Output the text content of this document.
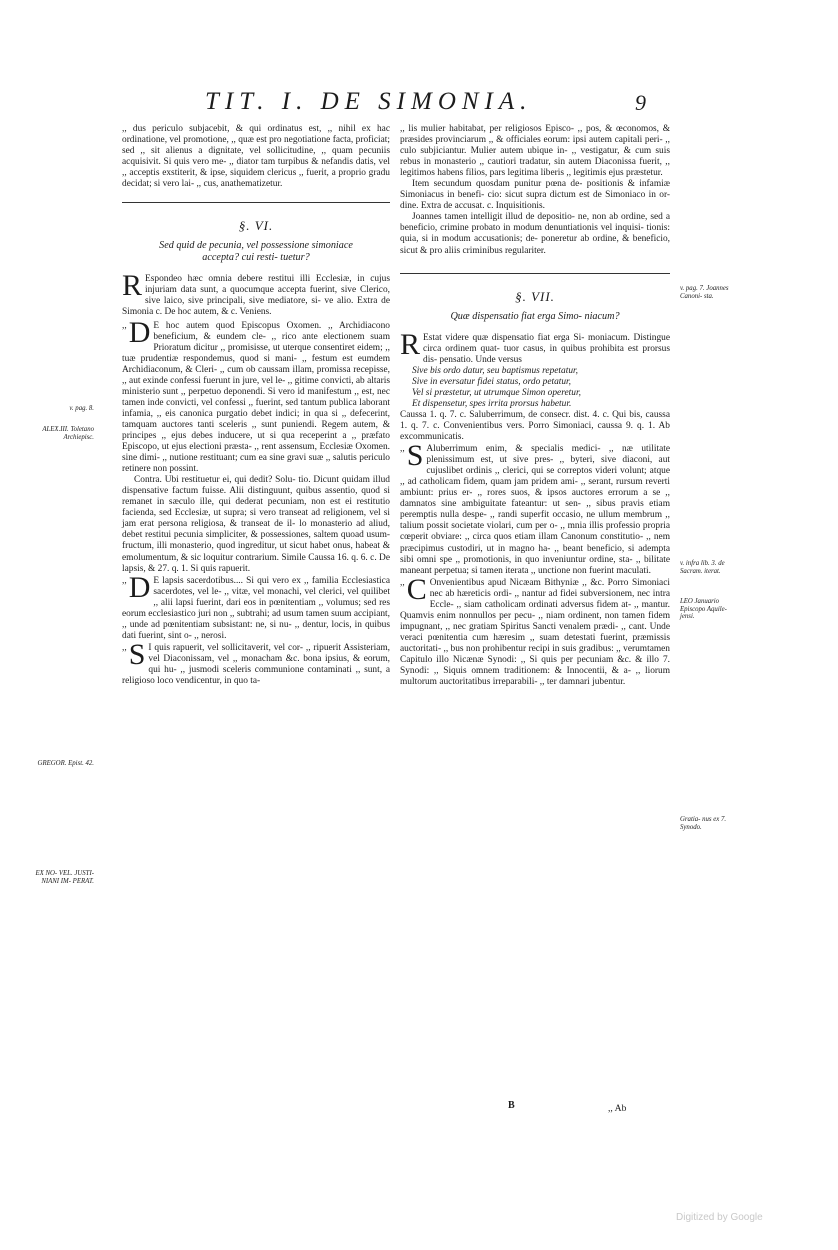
TIT. I. DE SIMONIA.	9

,, dus periculo subjacebit, & qui ordinatus est, ,, nihil ex hac ordinatione, vel promotione, ,, quæ est pro negotiatione facta, proficiat; sed ,, sit alienus a dignitate, vel sollicitudine, ,, quam pecuniis acquisivit. Si quis vero me- ,, diator tam turpibus & nefandis datis, vel ,, acceptis exstiterit, & ipse, siquidem clericus ,, fuerit, a proprio gradu decidat; si vero lai- ,, cus, anathematizetur.

§. VI.
Sed quid de pecunia, vel possessione simoniace accepta? cui resti- tuetur?

R Espondeo hæc omnia debere restitui illi Ecclesiæ, in cujus injuriam data sunt, a quocumque accepta fuerint, sive Clerico, sive laico, sive principali, sive mediatore, si- ve alio. Extra de Simonia c. De hoc autem, & c. Veniens.

,, D E hoc autem quod Episcopus Oxomen. ,, Archidiacono beneficium, & eundem cle- ,, rico ante electionem suam Prioratum dicitur ,, promisisse, ut uterque consentiret eidem; ,, tuæ prudentiæ respondemus, quod si mani- ,, festum est eumdem Archidiaconum, & Cleri- ,, cum ob caussam illam, promissa recepisse, ,, aut exinde confessi fuerunt in jure, vel le- ,, gitime convicti, ab altaris ministerio sunt ,, perpetuo deponendi. Si vero id manifestum ,, est, nec tamen inde convicti, vel confessi ,, fuerint, sed tantum publica laborant infamia, ,, eis canonica purgatio debet indici; in qua si ,, defecerint, tamquam auctores tanti sceleris ,, sunt puniendi. Regem autem, & principes ,, ejus debes inducere, ut si qua receperint a ,, præfato Episcopo, ut ejus electioni præsta- ,, rent assensum, Ecclesiæ Oxomen. sine dimi- ,, nutione restituant; cum ea sine gravi suæ ,, salutis periculo retinere non possint.

Contra. Ubi restituetur ei, qui dedit? Solu- tio. Dicunt quidam illud dispensative factum fuisse. Alii distinguunt, quibus assentio, quod si remanet in sæculo ille, qui dederat pecuniam, non est ei restitutio facienda, sed Ecclesiæ, ut supra; si vero transeat ad religionem, vel si jam erat persona religiosa, & transeat de il- lo monasterio ad aliud, debet restitui pecunia simpliciter, & possessiones, saltem quoad usum- fructum, illi monasterio, quod ingreditur, ut sicut habet onus, habeat & emolumentum, & sic loquitur contrarium. Simile Caussa 16. q. 6. c. De lapsis, & 27. q. 1. Si quis rapuerit.

,, D E lapsis sacerdotibus.... Si qui vero ex ,, familia Ecclesiastica sacerdotes, vel le- ,, vitæ, vel monachi, vel clerici, vel quilibet ,, alii lapsi fuerint, dari eos in pœnitentiam ,, volumus; sed res eorum ecclesiastico juri non ,, subtrahi; ad usum tamen suum accipiant, ,, unde ad pœnitentiam subsistant: ne, si nu- ,, dentur, locis, in quibus dati fuerint, sint o- ,, nerosi.

,, S I quis rapuerit, vel sollicitaverit, vel cor- ,, ripuerit Assisteriam, vel Diaconissam, vel ,, monacham &c. bona ipsius, & eorum, qui hu- ,, jusmodi sceleris communione contaminati ,, sunt, a religioso loco vendicentur, in quo ta-

,, lis mulier habitabat, per religiosos Episco- ,, pos, & œconomos, & præsides provinciarum ,, & officiales eorum: ipsi autem capitali peri- ,, culo subjiciantur. Mulier autem ubique in- ,, vestigatur, & cum suis rebus in monasterio ,, cautiori tradatur, sin autem Diaconissa fuerit, ,, legitimos habens filios, pars legitima liberis ,, legitimis ejus præstetur.

Item secundum quosdam punitur pœna de- positionis & infamiæ Simoniacus in benefi- cio: sicut supra dictum est de Simoniaco in or- dine. Extra de accusat. c. Inquisitionis.

Joannes tamen intelligit illud de depositio- ne, non ab ordine, sed a beneficio, crimine probato in modum denuntiationis vel inquisi- tionis: quia, si in modum accusationis; de- poneretur ab ordine, & beneficio, sicut & pro aliis criminibus regulariter.

§. VII.
Quæ dispensatio fiat erga Simo- niacum?

R Estat videre quæ dispensatio fiat erga Si- moniacum. Distingue circa ordinem quat- tuor casus, in quibus prohibita est prorsus dis- pensatio. Unde versus

Sive bis ordo datur, seu baptismus repetatur,
Sive in eversatur fidei status, ordo petatur,
Vel si præstetur, ut utrumque Simon operetur,
Et dispensetur, spes irrita prorsus habetur.

Caussa 1. q. 7. c. Saluberrimum, de consecr. dist. 4. c. Qui bis, caussa 1. q. 7. c. Convenientibus vers. Porro Simoniaci, caussa 9. q. 1. Ab excommunicatis.

,, S Aluberrimum enim, & specialis medici- ,, næ utilitate plenissimum est, ut sive pres- ,, byteri, sive diaconi, aut cujuslibet ordinis ,, clerici, qui se correptos videri volunt; atque ,, ad catholicam fidem, quam jam pridem ami- ,, serant, rursum reverti ambiunt: prius er- ,, rores suos, & ipsos auctores errorum a se ,, damnatos sine ambiguitate fateantur: ut sen- ,, sibus pravis etiam peremptis nulla despe- ,, randi superfit occasio, ne ullum membrum ,, talium possit societate violari, cum per o- ,, mnia illis professio propria cœperit obviare: ,, circa quos etiam illam Canonum constitutio- ,, nem præcipimus custodiri, ut in magno ha- ,, beant beneficio, si adempta sibi omni spe ,, promotionis, in quo inveniuntur ordine, sta- ,, bilitate maneant perpetua; si tamen iterata ,, unctione non fuerint maculati.

,, C Onvenientibus apud Nicæam Bithyniæ ,, &c. Porro Simoniaci nec ab hæreticis ordi- ,, nantur ad fidei subversionem, nec intra Eccle- ,, siam catholicam ordinati adversus fidem at- ,, mantur. Quamvis enim nonnullos per pecu- ,, niam ordinent, non tamen fidem impugnant, ,, nec gratiam Spiritus Sancti venalem prædi- ,, cant. Unde veraci pœnitentia cum hæresim ,, suam detestati fuerint, præmissis auctoritati- ,, bus non prohibentur recipi in suis gradibus: ,, verumtamen Capitulo illo Nicænæ Synodi: ,, Si quis per pecuniam &c. & illo 7. Synodi: ,, Siquis omnem traditionem: & Innocentii, & a- ,, liorum multorum auctoritatibus irreparabili- ,, ter damnari jubentur.

v. pag. 8.
ALEX.III. Toletano Archiepisc.
GREGOR. Epist. 42.
EX NO- VEL. JUSTI- NIANI IM- PERAT.
v. pag. 7. Joannes Canoni- sta.
v. infra lib. 3. de Sacram. iterat.
LEO Januario Episcopo Aquile- jensi.
Gratia- nus ex 7. Synodo.
B	,, Ab
Digitized by Google
